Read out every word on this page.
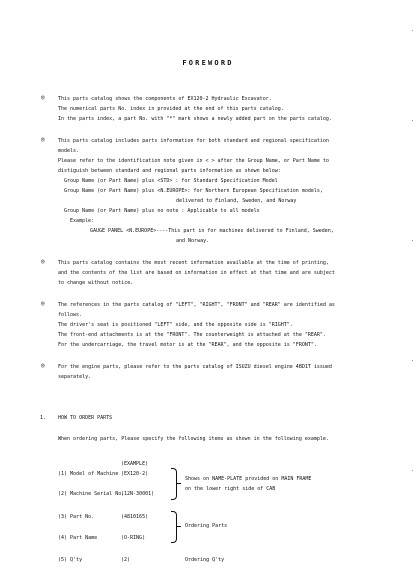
FOREWORD
◎	This parts catalog shows the components of EX120-2 Hydraulic Excavator.
The numerical parts No. index in provided at the end of this parts catalog.
In the parts index, a part No. with "*" mark shows a newly added part on the parts catalog.
◎	This parts catalog includes parts information for both standard and regional specification
models.
Please refer to the identification note given in < > after the Group Name, or Part Name to
distiguish between standard and regional parts information as shown below:
Group Name (or Part Name) plus <STD> : for Standard Specification Model
Group Name (or Part Name) plus <N.EUROPE>: for Northern European Specification models,
delivered to Finland, Sweden, and Norway
Group Name (or Part Name) plus no note : Applicable to all models
Example:
GAUGE PANEL <N.EUROPE>----This part in for machines delivered to Finland, Sweden,
and Norway.
◎	This parts catalog contains the most recent information available at the time of printing,
and the contents of the list are based on information in effect at that time and are subject
to change without notice.
◎	The references in the parts catalog of "LEFT", "RIGHT", "FRONT" and "REAR" are identified as
follows.
The driver's seat is positioned "LEFT" side, and the opposite side is "RIGHT".
The front-end attachments is at the "FRONT". The counterweight is attached at the "REAR".
For the undercarriage, the travel motor is at the "REAR", and the opposite is "FRONT".
◎	For the engine parts, please refer to the parts catalog of ISUZU diesel engine 4BD1T issued
separately.
1. HOW TO ORDER PARTS
When ordering parts, Please specify the following items as shown in the following example.
(EXAMPLE)
(1) Model of Machine (EX120-2)
(2) Machine Serial No.
(12N-30001)
Shows on NAME-PLATE provided on MAIN FRAME
on the lower right side of CAB
(3) Part No.	(4810165)
(4) Part Name	(O-RING)
Ordering Parts
(5) Q'ty	(2)	Ordering Q'ty
